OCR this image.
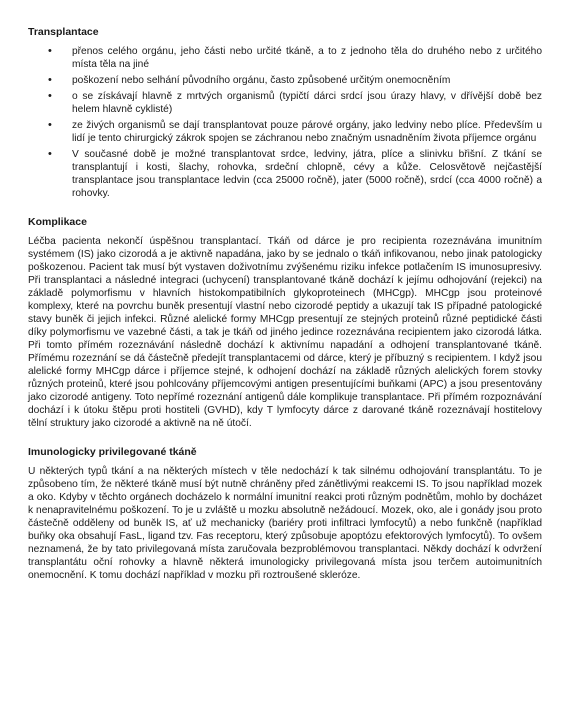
Transplantace
• přenos celého orgánu, jeho části nebo určité tkáně, a to z jednoho těla do druhého nebo z určitého místa těla na jiné
• poškození nebo selhání původního orgánu, často způsobené určitým onemocněním
• o se získávají hlavně z mrtvých organismů (typičtí dárci srdcí jsou úrazy hlavy, v dřívější době bez helem hlavně cyklisté)
• ze živých organismů se dají transplantovat pouze párové orgány, jako ledviny nebo plíce. Především u lidí je tento chirurgický zákrok spojen se záchranou nebo značným usnadněním života příjemce orgánu
• V současné době je možné transplantovat srdce, ledviny, játra, plíce a slinivku břišní. Z tkání se transplantují i kosti, šlachy, rohovka, srdeční chlopně, cévy a kůže. Celosvětově nejčastější transplantace jsou transplantace ledvin (cca 25000 ročně), jater (5000 ročně), srdcí (cca 4000 ročně) a rohovky.
Komplikace

Léčba pacienta nekončí úspěšnou transplantací. Tkáň od dárce je pro recipienta rozeznávána imunitním systémem (IS) jako cizorodá a je aktivně napadána, jako by se jednalo o tkáň infikovanou, nebo jinak patologicky poškozenou. Pacient tak musí být vystaven doživotnímu zvýšenému riziku infekce potlačením IS imunosupresivy. Při transplantaci a následné integraci (uchycení) transplantované tkáně dochází k jejímu odhojování (rejekci) na základě polymorfismu v hlavních histokompatibilních glykoproteinech (MHCgp). MHCgp jsou proteinové komplexy, které na povrchu buněk presentují vlastní nebo cizorodé peptidy a ukazují tak IS případné patologické stavy buněk či jejich infekci. Různé alelické formy MHCgp presentují ze stejných proteinů různé peptidické části díky polymorfismu ve vazebné části, a tak je tkáň od jiného jedince rozeznávána recipientem jako cizorodá látka. Při tomto přímém rozeznávání následně dochází k aktivnímu napadání a odhojení transplantované tkáně. Přímému rozeznání se dá částečně předejít transplantacemi od dárce, který je příbuzný s recipientem. I když jsou alelické formy MHCgp dárce i příjemce stejné, k odhojení dochází na základě různých alelických forem stovky různých proteinů, které jsou pohlcovány příjemcovými antigen presentujícími buňkami (APC) a jsou presentovány jako cizorodé antigeny. Toto nepřímé rozeznání antigenů dále komplikuje transplantace. Při přímém rozpoznávání dochází i k útoku štěpu proti hostiteli (GVHD), kdy T lymfocyty dárce z darované tkáně rozeznávají hostitelovy tělní struktury jako cizorodé a aktivně na ně útočí.

Imunologicky privilegované tkáně

U některých typů tkání a na některých místech v těle nedochází k tak silnému odhojování transplantátu. To je způsobeno tím, že některé tkáně musí být nutně chráněny před zánětlivými reakcemi IS. To jsou například mozek a oko. Kdyby v těchto orgánech docházelo k normální imunitní reakci proti různým podnětům, mohlo by docházet k nenapravitelnému poškození. To je u zvláště u mozku absolutně nežádoucí. Mozek, oko, ale i gonády jsou proto částečně odděleny od buněk IS, ať už mechanicky (bariéry proti infiltraci lymfocytů) a nebo funkčně (například buňky oka obsahují FasL, ligand tzv. Fas receptoru, který způsobuje apoptózu efektorových lymfocytů). To ovšem neznamená, že by tato privilegovaná místa zaručovala bezproblémovou transplantaci. Někdy dochází k odvržení transplantátu oční rohovky a hlavně některá imunologicky privilegovaná místa jsou terčem autoimunitních onemocnění. K tomu dochází například v mozku při roztroušené skleróze.
